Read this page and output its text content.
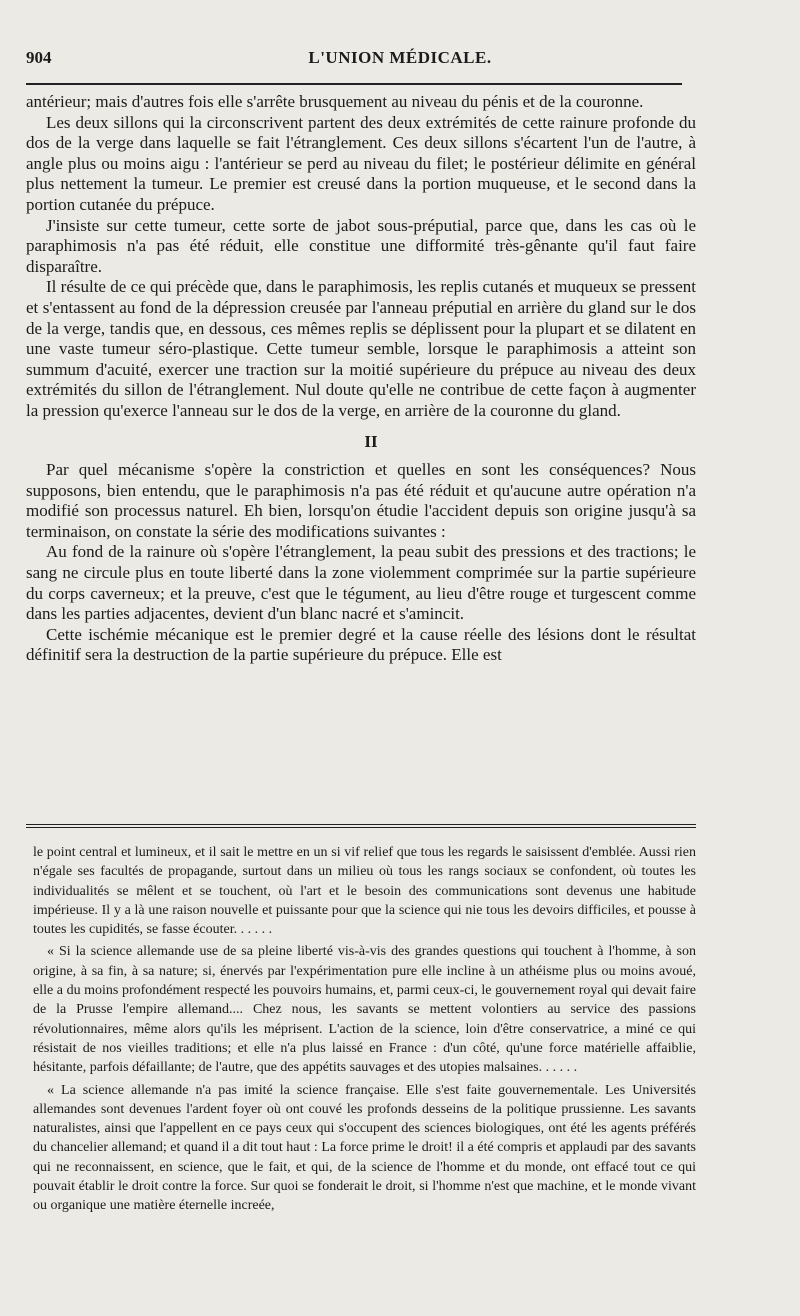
904	L'UNION MÉDICALE.

antérieur; mais d'autres fois elle s'arrête brusquement au niveau du pénis et de la couronne.

Les deux sillons qui la circonscrivent partent des deux extrémités de cette rainure profonde du dos de la verge dans laquelle se fait l'étranglement. Ces deux sillons s'écartent l'un de l'autre, à angle plus ou moins aigu : l'antérieur se perd au niveau du filet; le postérieur délimite en général plus nettement la tumeur. Le premier est creusé dans la portion muqueuse, et le second dans la portion cutanée du prépuce.

J'insiste sur cette tumeur, cette sorte de jabot sous-préputial, parce que, dans les cas où le paraphimosis n'a pas été réduit, elle constitue une difformité très-gênante qu'il faut faire disparaître.

Il résulte de ce qui précède que, dans le paraphimosis, les replis cutanés et muqueux se pressent et s'entassent au fond de la dépression creusée par l'anneau préputial en arrière du gland sur le dos de la verge, tandis que, en dessous, ces mêmes replis se déplissent pour la plupart et se dilatent en une vaste tumeur séro-plastique. Cette tumeur semble, lorsque le paraphimosis a atteint son summum d'acuité, exercer une traction sur la moitié supérieure du prépuce au niveau des deux extrémités du sillon de l'étranglement. Nul doute qu'elle ne contribue de cette façon à augmenter la pression qu'exerce l'anneau sur le dos de la verge, en arrière de la couronne du gland.

II

Par quel mécanisme s'opère la constriction et quelles en sont les conséquences? Nous supposons, bien entendu, que le paraphimosis n'a pas été réduit et qu'aucune autre opération n'a modifié son processus naturel. Eh bien, lorsqu'on étudie l'accident depuis son origine jusqu'à sa terminaison, on constate la série des modifications suivantes :

Au fond de la rainure où s'opère l'étranglement, la peau subit des pressions et des tractions; le sang ne circule plus en toute liberté dans la zone violemment comprimée sur la partie supérieure du corps caverneux; et la preuve, c'est que le tégument, au lieu d'être rouge et turgescent comme dans les parties adjacentes, devient d'un blanc nacré et s'amincit.

Cette ischémie mécanique est le premier degré et la cause réelle des lésions dont le résultat définitif sera la destruction de la partie supérieure du prépuce. Elle est

le point central et lumineux, et il sait le mettre en un si vif relief que tous les regards le saisissent d'emblée. Aussi rien n'égale ses facultés de propagande, surtout dans un milieu où tous les rangs sociaux se confondent, où toutes les individualités se mêlent et se touchent, où l'art et le besoin des communications sont devenus une habitude impérieuse. Il y a là une raison nouvelle et puissante pour que la science qui nie tous les devoirs difficiles, et pousse à toutes les cupidités, se fasse écouter. . . . . .

« Si la science allemande use de sa pleine liberté vis-à-vis des grandes questions qui touchent à l'homme, à son origine, à sa fin, à sa nature; si, énervés par l'expérimentation pure elle incline à un athéisme plus ou moins avoué, elle a du moins profondément respecté les pouvoirs humains, et, parmi ceux-ci, le gouvernement royal qui devait faire de la Prusse l'empire allemand.... Chez nous, les savants se mettent volontiers au service des passions révolutionnaires, même alors qu'ils les méprisent. L'action de la science, loin d'être conservatrice, a miné ce qui résistait de nos vieilles traditions; et elle n'a plus laissé en France : d'un côté, qu'une force matérielle affaiblie, hésitante, parfois défaillante; de l'autre, que des appétits sauvages et des utopies malsaines. . . . . .

« La science allemande n'a pas imité la science française. Elle s'est faite gouvernementale. Les Universités allemandes sont devenues l'ardent foyer où ont couvé les profonds desseins de la politique prussienne. Les savants naturalistes, ainsi que l'appellent en ce pays ceux qui s'occupent des sciences biologiques, ont été les agents préférés du chancelier allemand; et quand il a dit tout haut : La force prime le droit! il a été compris et applaudi par des savants qui ne reconnaissent, en science, que le fait, et qui, de la science de l'homme et du monde, ont effacé tout ce qui pouvait établir le droit contre la force. Sur quoi se fonderait le droit, si l'homme n'est que machine, et le monde vivant ou organique une matière éternelle increée,
